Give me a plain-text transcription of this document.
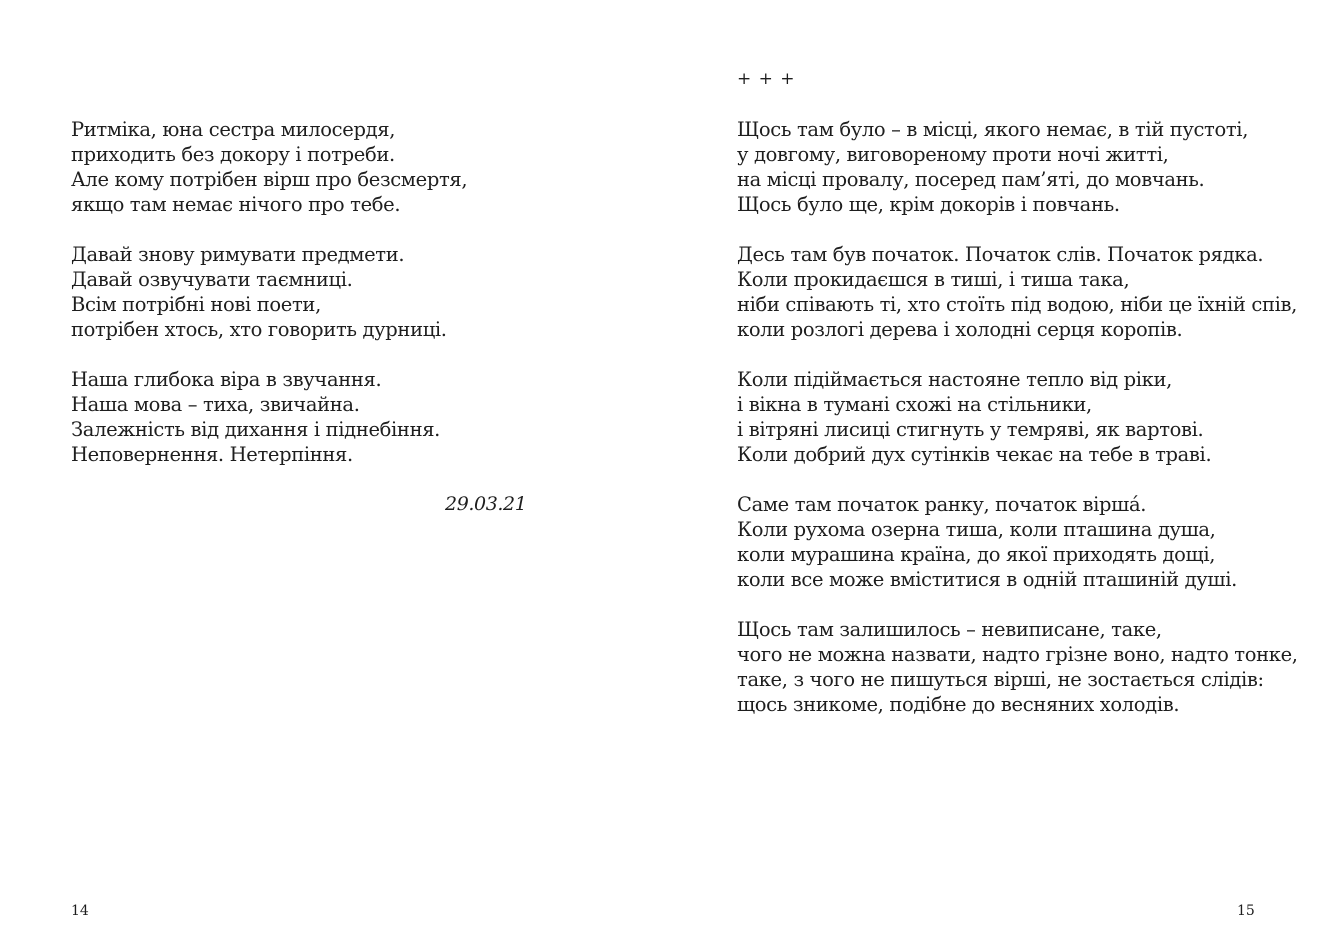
Ритміка, юна сестра милосердя,
приходить без докору і потреби.
Але кому потрібен вірш про безсмертя,
якщо там немає нічого про тебе.
Давай знову римувати предмети.
Давай озвучувати таємниці.
Всім потрібні нові поети,
потрібен хтось, хто говорить дурниці.
Наша глибока віра в звучання.
Наша мова – тиха, звичайна.
Залежність від дихання і піднебіння.
Неповернення. Нетерпіння.
29.03.21
14
+ + +
Щось там було – в місці, якого немає, в тій пустоті,
у довгому, виговореному проти ночі житті,
на місці провалу, посеред пам’яті, до мовчань.
Щось було ще, крім докорів і повчань.
Десь там був початок. Початок слів. Початок рядка.
Коли прокидаєшся в тиші, і тиша така,
ніби співають ті, хто стоїть під водою, ніби це їхній спів,
коли розлогі дерева і холодні серця коропів.
Коли підіймається настояне тепло від ріки,
і вікна в тумані схожі на стільники,
і вітряні лисиці стигнуть у темряві, як вартові.
Коли добрий дух сутінків чекає на тебе в траві.
Саме там початок ранку, початок віршá.
Коли рухома озерна тиша, коли пташина душа,
коли мурашина країна, до якої приходять дощі,
коли все може вміститися в одній пташиній душі.
Щось там залишилось – невиписане, таке,
чого не можна назвати, надто грізне воно, надто тонке,
таке, з чого не пишуться вірші, не зостається слідів:
щось зникоме, подібне до весняних холодів.
15
